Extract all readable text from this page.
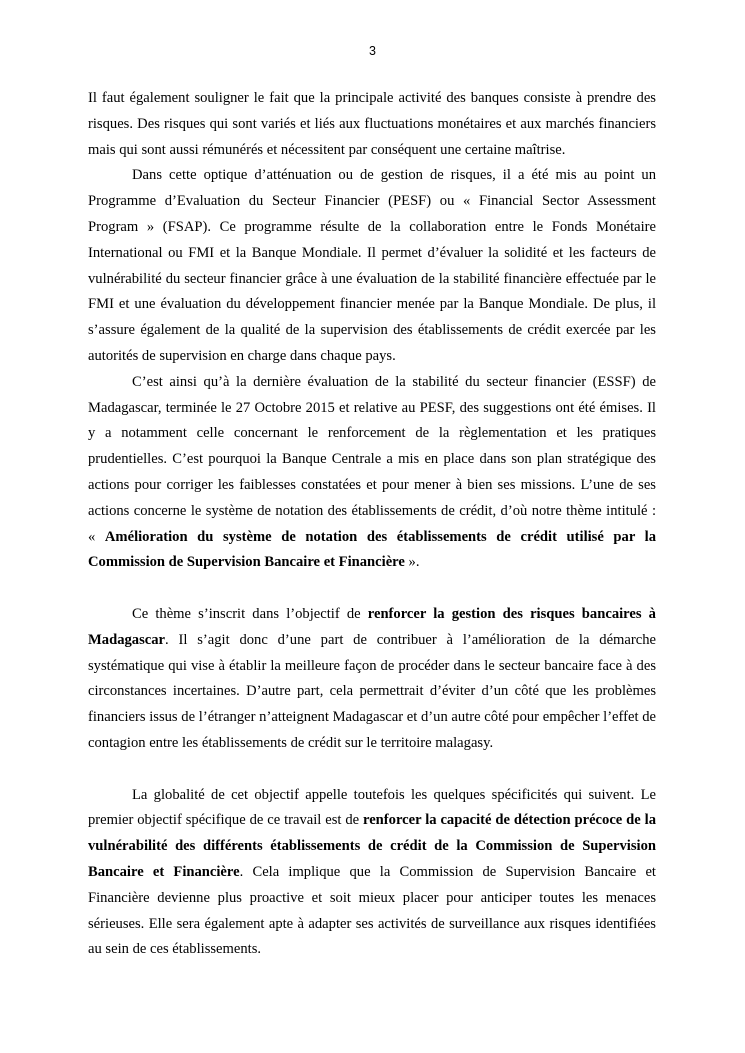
3

Il faut également souligner le fait que la principale activité des banques consiste à prendre des risques. Des risques qui sont variés et liés aux fluctuations monétaires et aux marchés financiers mais qui sont aussi rémunérés et nécessitent par conséquent une certaine maîtrise.

Dans cette optique d’atténuation ou de gestion de risques, il a été mis au point un Programme d’Evaluation du Secteur Financier (PESF) ou « Financial Sector Assessment Program » (FSAP). Ce programme résulte de la collaboration entre le Fonds Monétaire International ou FMI et la Banque Mondiale. Il permet d’évaluer la solidité et les facteurs de vulnérabilité du secteur financier grâce à une évaluation de la stabilité financière effectuée par le FMI et une évaluation du développement financier menée par la Banque Mondiale. De plus, il s’assure également de la qualité de la supervision des établissements de crédit exercée par les autorités de supervision en charge dans chaque pays.

C’est ainsi qu’à la dernière évaluation de la stabilité du secteur financier (ESSF) de Madagascar, terminée le 27 Octobre 2015 et relative au PESF, des suggestions ont été émises. Il y a notamment celle concernant le renforcement de la règlementation et les pratiques prudentielles. C’est pourquoi la Banque Centrale a mis en place dans son plan stratégique des actions pour corriger les faiblesses constatées et pour mener à bien ses missions. L’une de ses actions concerne le système de notation des établissements de crédit, d’où notre thème intitulé : « Amélioration du système de notation des établissements de crédit utilisé par la Commission de Supervision Bancaire et Financière ».

Ce thème s’inscrit dans l’objectif de renforcer la gestion des risques bancaires à Madagascar. Il s’agit donc d’une part de contribuer à l’amélioration de la démarche systématique qui vise à établir la meilleure façon de procéder dans le secteur bancaire face à des circonstances incertaines. D’autre part, cela permettrait d’éviter d’un côté que les problèmes financiers issus de l’étranger n’atteignent Madagascar et d’un autre côté pour empêcher l’effet de contagion entre les établissements de crédit sur le territoire malagasy.

La globalité de cet objectif appelle toutefois les quelques spécificités qui suivent. Le premier objectif spécifique de ce travail est de renforcer la capacité de détection précoce de la vulnérabilité des différents établissements de crédit de la Commission de Supervision Bancaire et Financière. Cela implique que la Commission de Supervision Bancaire et Financière devienne plus proactive et soit mieux placer pour anticiper toutes les menaces sérieuses. Elle sera également apte à adapter ses activités de surveillance aux risques identifiées au sein de ces établissements.
